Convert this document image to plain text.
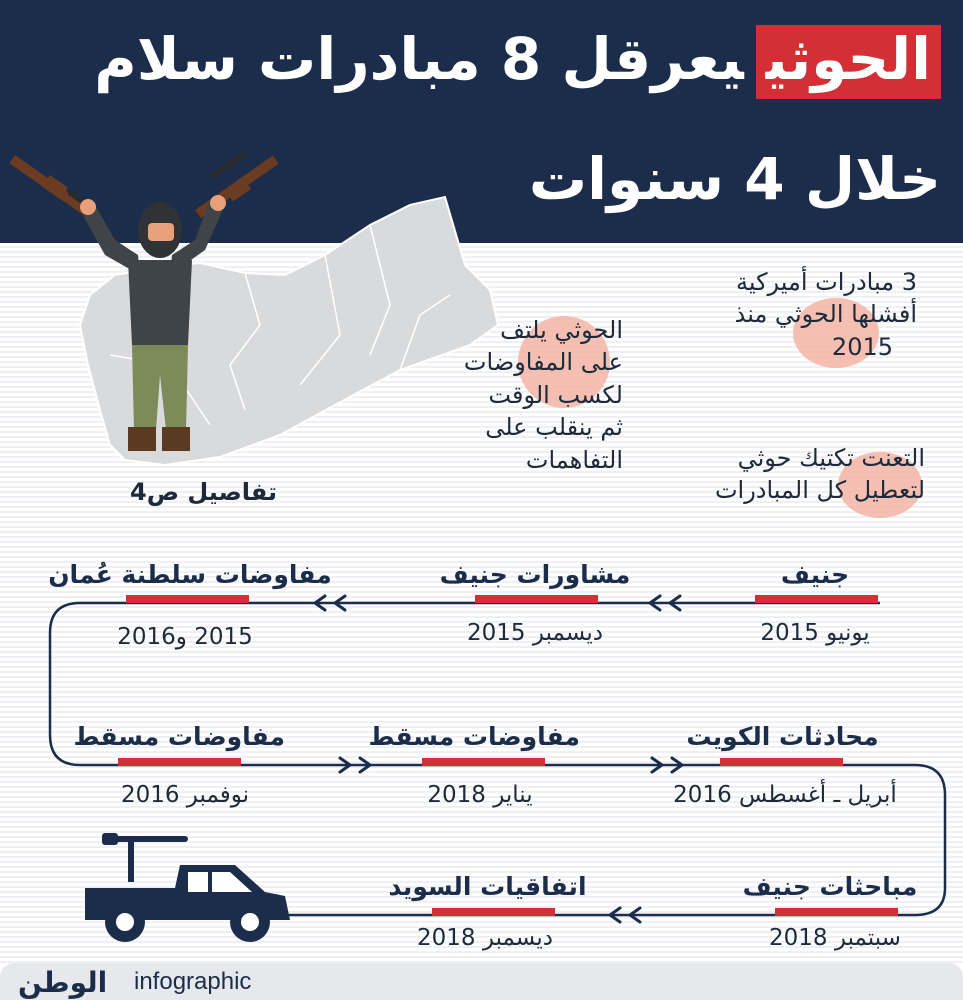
الحوثييعرقل 8 مبادرات سلام
خلال 4 سنوات
تفاصيل ص4
3 مبادرات أميركية
أفشلها الحوثي منذ
2015
الحوثي يلتف
على المفاوضات
لكسب الوقت
ثم ينقلب على
التفاهمات	التعنت تكتيك حوثي
لتعطيل كل المبادرات
جنيف
يونيو 2015
مشاورات جنيف
ديسمبر 2015
مفاوضات سلطنة عُمان
2015 و2016
مفاوضات مسقط
نوفمبر 2016
مفاوضات مسقط
يناير 2018
محادثات الكويت
أبريل ـ أغسطس 2016
مباحثات جنيف
سبتمبر 2018
اتفاقيات السويد
ديسمبر 2018
الوطن infographic
